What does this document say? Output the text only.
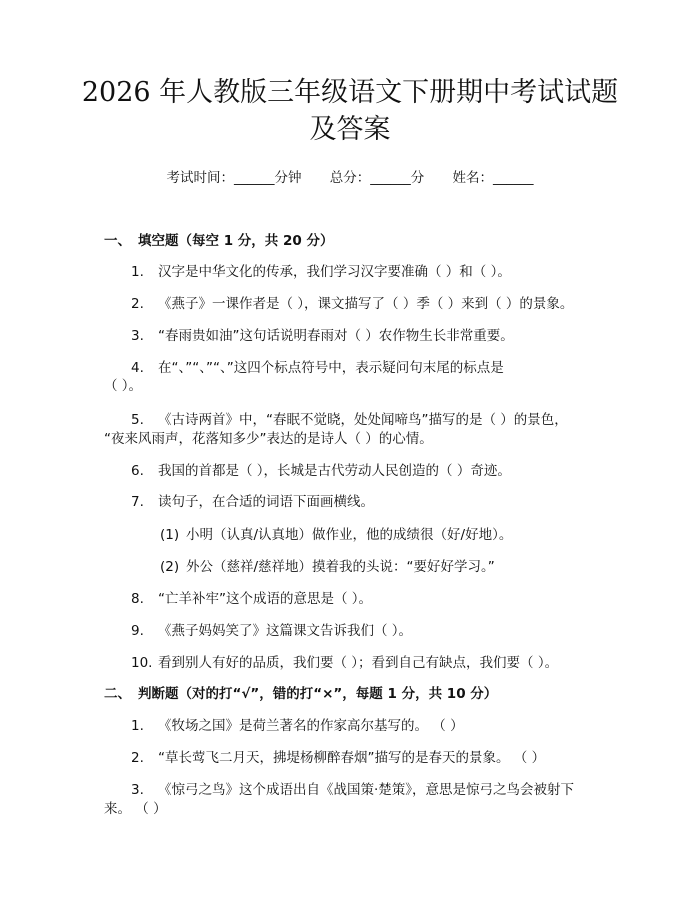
2026 年人教版三年级语文下册期中考试试题
及答案
考试时间：______分钟 总分：______分 姓名：______
一、 填空题（每空 1 分，共 20 分）
1. 汉字是中华文化的传承，我们学习汉字要准确（ ）和（ ）。
2. 《燕子》一课作者是（ ），课文描写了（ ）季（ ）来到（ ）的景象。
3. “春雨贵如油”这句话说明春雨对（ ）农作物生长非常重要。
4. 在“、”“、”“、”这四个标点符号中，表示疑问句末尾的标点是
（ ）。
5. 《古诗两首》中，“春眠不觉晓，处处闻啼鸟”描写的是（ ）的景色，
“夜来风雨声，花落知多少”表达的是诗人（ ）的心情。
6. 我国的首都是（ ），长城是古代劳动人民创造的（ ）奇迹。
7. 读句子，在合适的词语下面画横线。
(1) 小明（认真/认真地）做作业，他的成绩很（好/好地）。
(2) 外公（慈祥/慈祥地）摸着我的头说：“要好好学习。”
8. “亡羊补牢”这个成语的意思是（ ）。
9. 《燕子妈妈笑了》这篇课文告诉我们（ ）。
10. 看到别人有好的品质，我们要（ ）；看到自己有缺点，我们要（ ）。
二、 判断题（对的打“√”，错的打“×”，每题 1 分，共 10 分）
1. 《牧场之国》是荷兰著名的作家高尔基写的。 （ ）
2. “草长莺飞二月天，拂堤杨柳醉春烟”描写的是春天的景象。 （ ）
3. 《惊弓之鸟》这个成语出自《战国策·楚策》，意思是惊弓之鸟会被射下
来。 （ ）
